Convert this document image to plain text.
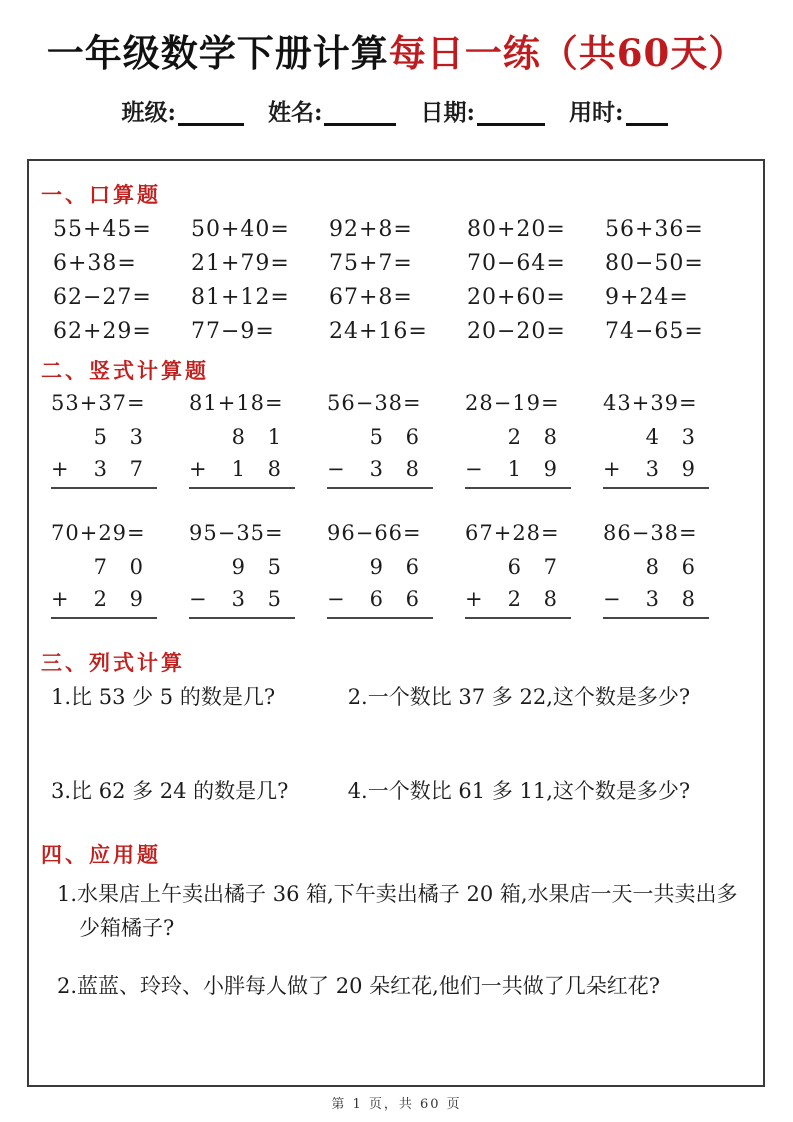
一年级数学下册计算每日一练（共60天）
班级:	姓名:	日期:	用时:
一、口算题
55+45=	50+40=	92+8=	80+20=	56+36=
6+38=	21+79=	75+7=	70−64=	80−50=
62−27=	81+12=	67+8=	20+60=	9+24=
62+29=	77−9=	24+16=	20−20=	74−65=
二、竖式计算题
53+37=
5 3
+ 3 7
81+18=
8 1
+ 1 8
56−38=
5 6
− 3 8
28−19=
2 8
− 1 9
43+39=
4 3
+ 3 9
70+29=
7 0
+ 2 9
95−35=
9 5
− 3 5
96−66=
9 6
− 6 6
67+28=
6 7
+ 2 8
86−38=
8 6
− 3 8
三、列式计算
1.比 53 少 5 的数是几?	2.一个数比 37 多 22,这个数是多少?
3.比 62 多 24 的数是几?	4.一个数比 61 多 11,这个数是多少?
四、应用题

1.水果店上午卖出橘子 36 箱,下午卖出橘子 20 箱,水果店一天一共卖出多少箱橘子?

2.蓝蓝、玲玲、小胖每人做了 20 朵红花,他们一共做了几朵红花?

第 1 页，共 60 页
